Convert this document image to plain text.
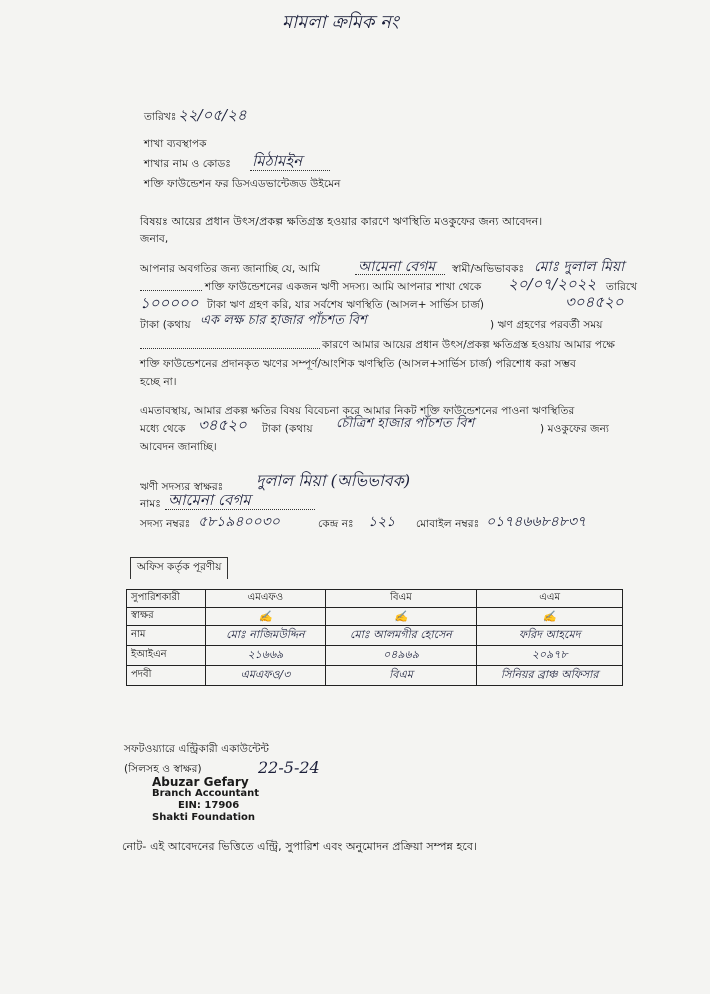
মামলা ক্রমিক নং
তারিখঃ ২২/০৫/২৪
শাখা ব্যবস্থাপক
শাখার নাম ও কোডঃ মিঠামইন
শক্তি ফাউন্ডেশন ফর ডিসএডভান্টেজড উইমেন
বিষয়ঃ আয়ের প্রধান উৎস/প্রকল্প ক্ষতিগ্রস্ত হওয়ার কারণে ঋণস্থিতি মওকুফের জন্য আবেদন।
জনাব,
আপনার অবগতির জন্য জানাচ্ছি যে, আমি	আমেনা বেগম স্বামী/অভিভাবকঃ মোঃ দুলাল মিয়া
শক্তি ফাউন্ডেশনের একজন ঋণী সদস্য। আমি আপনার শাখা থেকে ২০/০৭/২০২২ তারিখে
১০০০০০ টাকা ঋণ গ্রহণ করি, যার সর্বশেষ ঋণস্থিতি (আসল+ সার্ভিস চার্জ)	৩০৪৫২০
টাকা (কথায় এক লক্ষ চার হাজার পাঁচশত বিশ	) ঋণ গ্রহণের পরবর্তী সময়
কারণে আমার আয়ের প্রধান উৎস/প্রকল্প ক্ষতিগ্রস্ত হওয়ায় আমার পক্ষে
শক্তি ফাউন্ডেশনের প্রদানকৃত ঋণের সম্পূর্ণ/আংশিক ঋণস্থিতি (আসল+সার্ভিস চার্জ) পরিশোধ করা সম্ভব
হচ্ছে না।
এমতাবস্থায়, আমার প্রকল্প ক্ষতির বিষয় বিবেচনা করে আমার নিকট শক্তি ফাউন্ডেশনের পাওনা ঋণস্থিতির
মধ্যে থেকে ৩৪৫২০ টাকা (কথায় চৌত্রিশ হাজার পাঁচশত বিশ	) মওকুফের জন্য
আবেদন জানাচ্ছি।
ঋণী সদস্যর স্বাক্ষরঃ দুলাল মিয়া (অভিভাবক)
নামঃ আমেনা বেগম
সদস্য নম্বরঃ ৫৮১৯৪০০৩০	কেন্দ্র নঃ ১২১ মোবাইল নম্বরঃ ০১৭৪৬৬৮৪৮৩৭
অফিস কর্তৃক পূরণীয়
সুপারিশকারী	এমএফও	বিএম	এএম
স্বাক্ষর	✍	✍	✍
নাম	মোঃ নাজিমউদ্দিন	মোঃ আলমগীর হোসেন	ফরিদ আহমেদ
ইআইএন	২১৬৬৯	০৪৯৬৯	২০৯৭৮
পদবী	এমএফও/৩	বিএম	সিনিয়র ব্রাঞ্চ অফিসার
সফটওয়্যারে এন্ট্রিকারী একাউন্টেন্ট
(সিলসহ ও স্বাক্ষর)	22-5-24
Abuzar Gefary
Branch Accountant
EIN: 17906
Shakti Foundation
নোট- এই আবেদনের ভিত্তিতে এন্ট্রি, সুপারিশ এবং অনুমোদন প্রক্রিয়া সম্পন্ন হবে।
